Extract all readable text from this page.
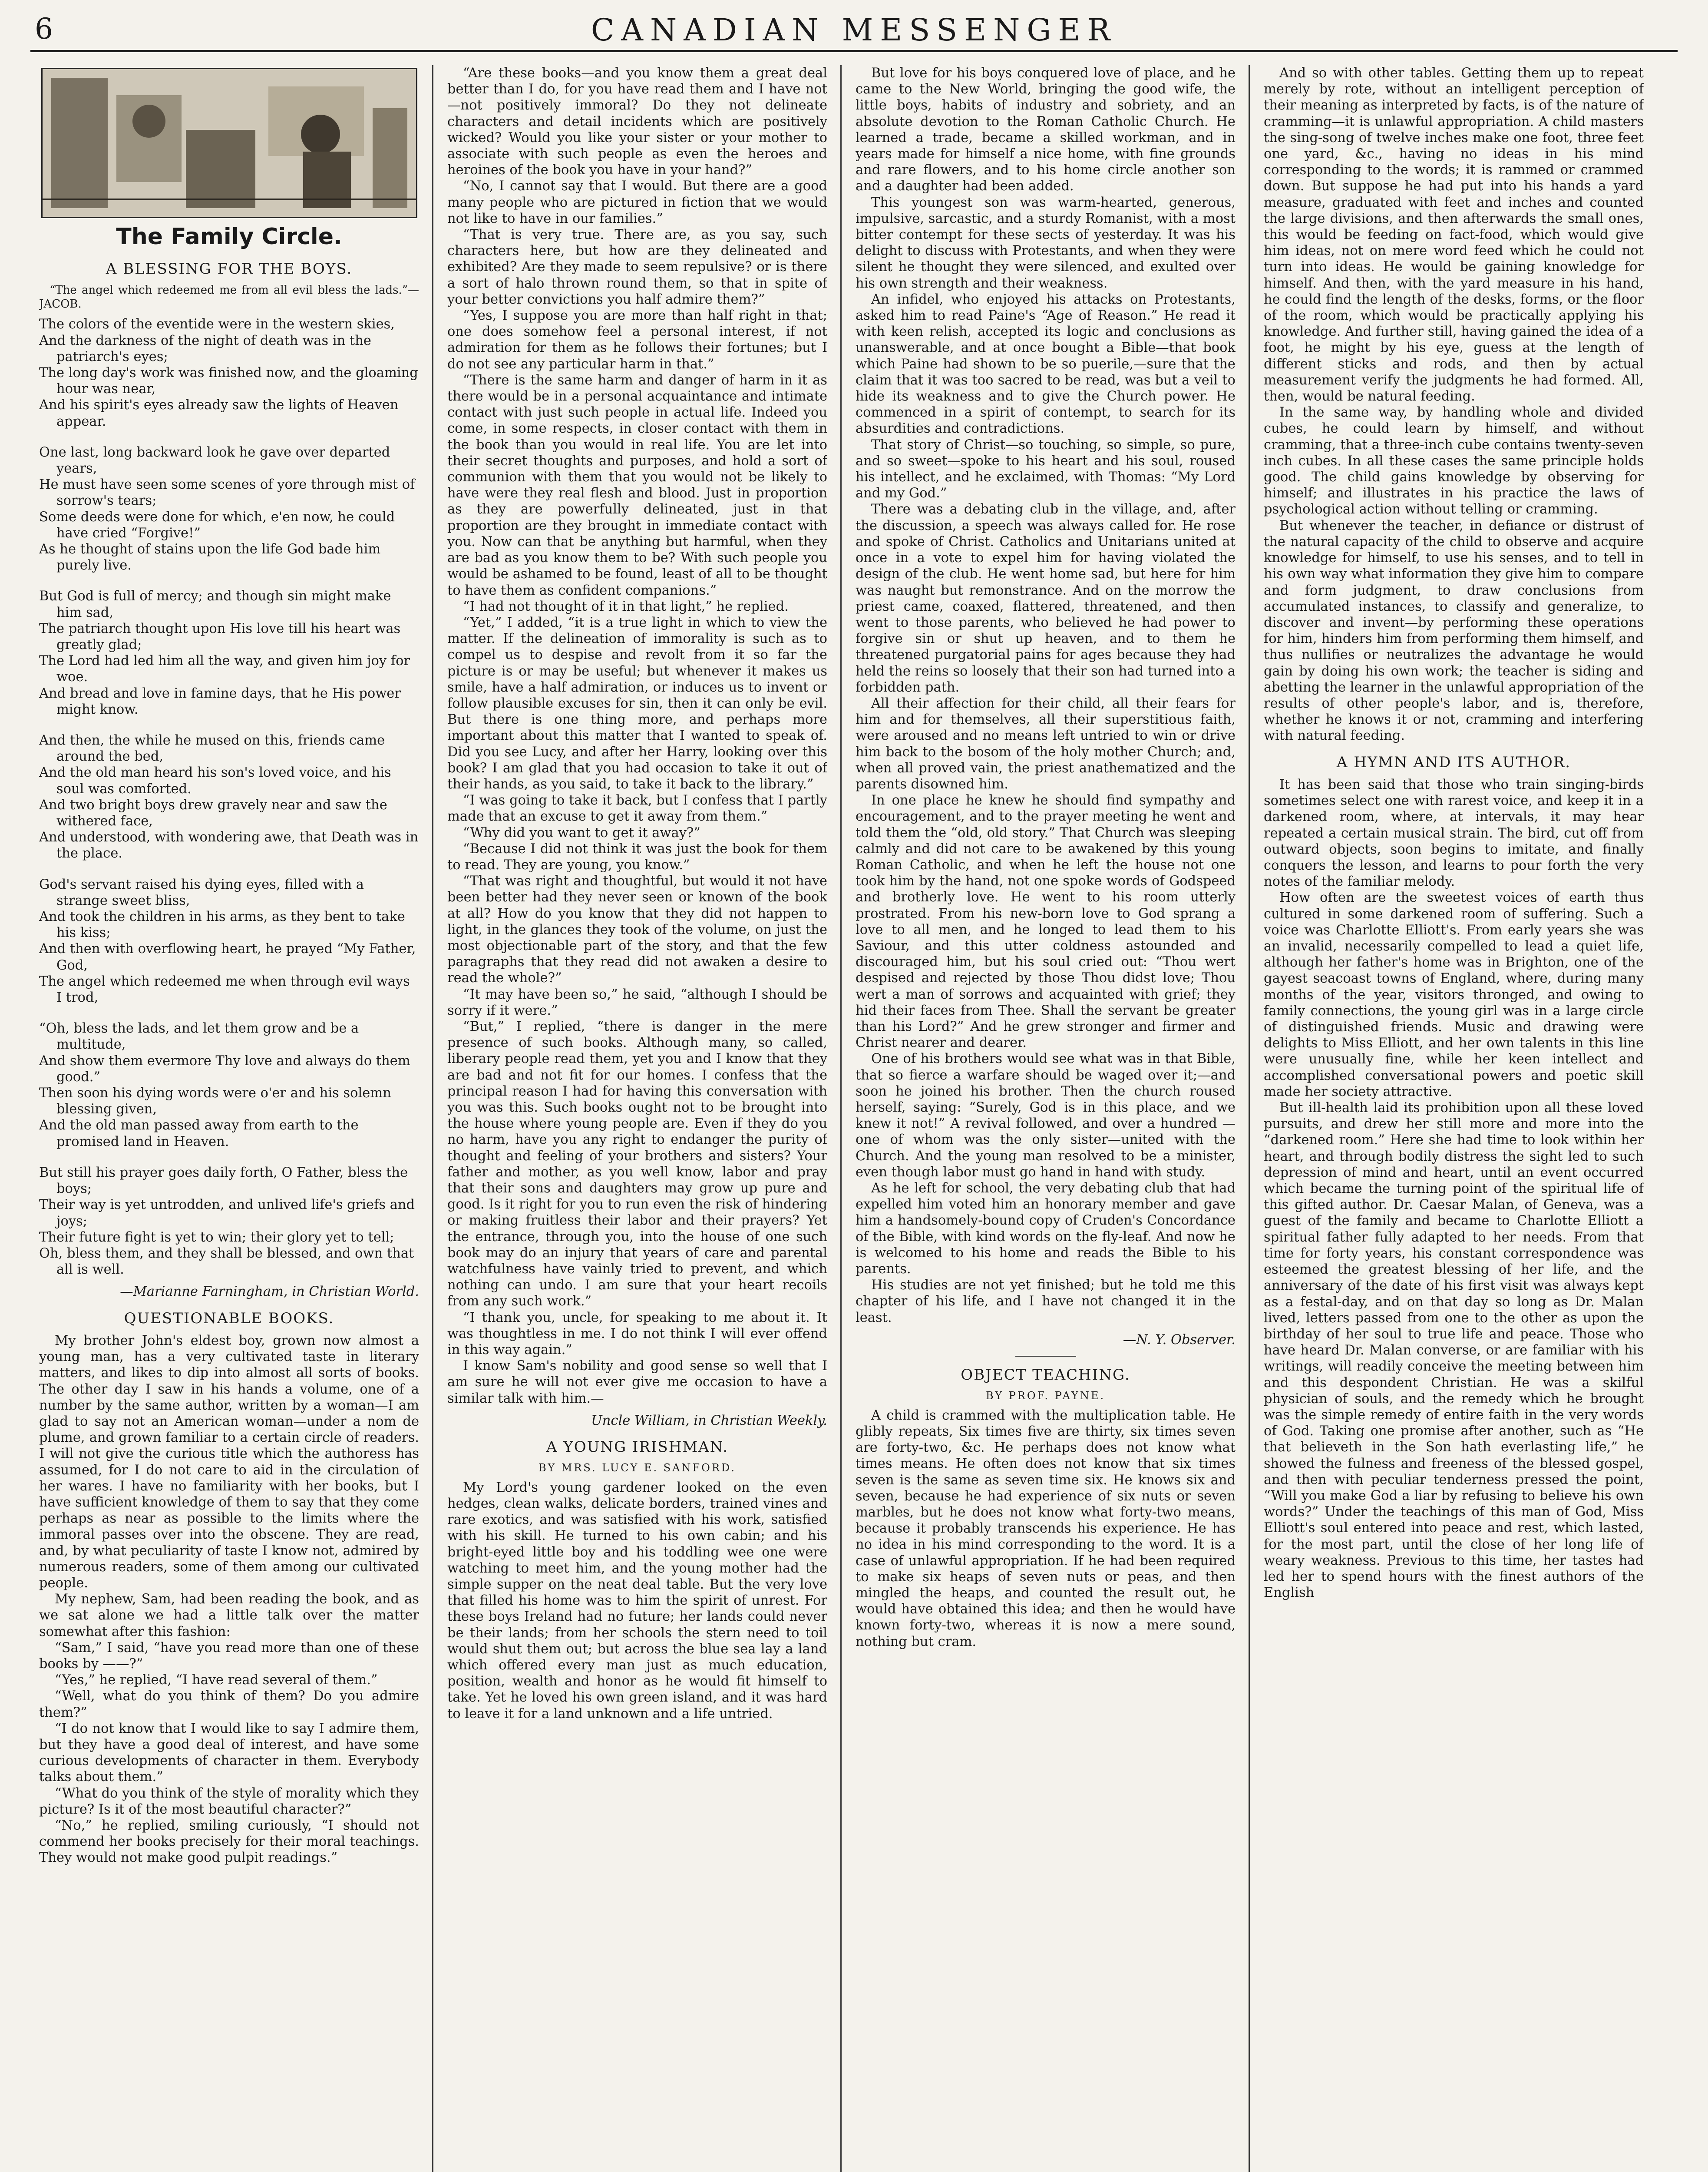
6	CANADIAN MESSENGER
The Family Circle.
A BLESSING FOR THE BOYS.
“The angel which redeemed me from all evil bless the lads.”—JACOB.
The colors of the eventide were in the western skies,
And the darkness of the night of death was in the patriarch's eyes;
The long day's work was finished now, and the gloaming hour was near,
And his spirit's eyes already saw the lights of Heaven appear.
One last, long backward look he gave over departed years,
He must have seen some scenes of yore through mist of sorrow's tears;
Some deeds were done for which, e'en now, he could have cried “Forgive!”
As he thought of stains upon the life God bade him purely live.
But God is full of mercy; and though sin might make him sad,
The patriarch thought upon His love till his heart was greatly glad;
The Lord had led him all the way, and given him joy for woe.
And bread and love in famine days, that he His power might know.
And then, the while he mused on this, friends came around the bed,
And the old man heard his son's loved voice, and his soul was comforted.
And two bright boys drew gravely near and saw the withered face,
And understood, with wondering awe, that Death was in the place.
God's servant raised his dying eyes, filled with a strange sweet bliss,
And took the children in his arms, as they bent to take his kiss;
And then with overflowing heart, he prayed “My Father, God,
The angel which redeemed me when through evil ways I trod,
“Oh, bless the lads, and let them grow and be a multitude,
And show them evermore Thy love and always do them good.”
Then soon his dying words were o'er and his solemn blessing given,
And the old man passed away from earth to the promised land in Heaven.
But still his prayer goes daily forth, O Father, bless the boys;
Their way is yet untrodden, and unlived life's griefs and joys;
Their future fight is yet to win; their glory yet to tell;
Oh, bless them, and they shall be blessed, and own that all is well.
—Marianne Farningham, in Christian World.
QUESTIONABLE BOOKS.

My brother John's eldest boy, grown now almost a young man, has a very cultivated taste in literary matters, and likes to dip into almost all sorts of books. The other day I saw in his hands a volume, one of a number by the same author, written by a woman—I am glad to say not an American woman—under a nom de plume, and grown familiar to a certain circle of readers. I will not give the curious title which the authoress has assumed, for I do not care to aid in the circulation of her wares. I have no familiarity with her books, but I have sufficient knowledge of them to say that they come perhaps as near as possible to the limits where the immoral passes over into the obscene. They are read, and, by what peculiarity of taste I know not, admired by numerous readers, some of them among our cultivated people.

My nephew, Sam, had been reading the book, and as we sat alone we had a little talk over the matter somewhat after this fashion:

“Sam,” I said, “have you read more than one of these books by ——?”

“Yes,” he replied, “I have read several of them.”

“Well, what do you think of them? Do you admire them?”

“I do not know that I would like to say I admire them, but they have a good deal of interest, and have some curious developments of character in them. Everybody talks about them.”

“What do you think of the style of morality which they picture? Is it of the most beautiful character?”

“No,” he replied, smiling curiously, “I should not commend her books precisely for their moral teachings. They would not make good pulpit readings.”

“Are these books—and you know them a great deal better than I do, for you have read them and I have not—not positively immoral? Do they not delineate characters and detail incidents which are positively wicked? Would you like your sister or your mother to associate with such people as even the heroes and heroines of the book you have in your hand?”

“No, I cannot say that I would. But there are a good many people who are pictured in fiction that we would not like to have in our families.”

“That is very true. There are, as you say, such characters here, but how are they delineated and exhibited? Are they made to seem repulsive? or is there a sort of halo thrown round them, so that in spite of your better convictions you half admire them?”

“Yes, I suppose you are more than half right in that; one does somehow feel a personal interest, if not admiration for them as he follows their fortunes; but I do not see any particular harm in that.”

“There is the same harm and danger of harm in it as there would be in a personal acquaintance and intimate contact with just such people in actual life. Indeed you come, in some respects, in closer contact with them in the book than you would in real life. You are let into their secret thoughts and purposes, and hold a sort of communion with them that you would not be likely to have were they real flesh and blood. Just in proportion as they are powerfully delineated, just in that proportion are they brought in immediate contact with you. Now can that be anything but harmful, when they are bad as you know them to be? With such people you would be ashamed to be found, least of all to be thought to have them as confident companions.”

“I had not thought of it in that light,” he replied.

“Yet,” I added, “it is a true light in which to view the matter. If the delineation of immorality is such as to compel us to despise and revolt from it so far the picture is or may be useful; but whenever it makes us smile, have a half admiration, or induces us to invent or follow plausible excuses for sin, then it can only be evil. But there is one thing more, and perhaps more important about this matter that I wanted to speak of. Did you see Lucy, and after her Harry, looking over this book? I am glad that you had occasion to take it out of their hands, as you said, to take it back to the library.”

“I was going to take it back, but I confess that I partly made that an excuse to get it away from them.”

“Why did you want to get it away?”

“Because I did not think it was just the book for them to read. They are young, you know.”

“That was right and thoughtful, but would it not have been better had they never seen or known of the book at all? How do you know that they did not happen to light, in the glances they took of the volume, on just the most objectionable part of the story, and that the few paragraphs that they read did not awaken a desire to read the whole?”

“It may have been so,” he said, “although I should be sorry if it were.”

“But,” I replied, “there is danger in the mere presence of such books. Although many, so called, liberary people read them, yet you and I know that they are bad and not fit for our homes. I confess that the principal reason I had for having this conversation with you was this. Such books ought not to be brought into the house where young people are. Even if they do you no harm, have you any right to endanger the purity of thought and feeling of your brothers and sisters? Your father and mother, as you well know, labor and pray that their sons and daughters may grow up pure and good. Is it right for you to run even the risk of hindering or making fruitless their labor and their prayers? Yet the entrance, through you, into the house of one such book may do an injury that years of care and parental watchfulness have vainly tried to prevent, and which nothing can undo. I am sure that your heart recoils from any such work.”

“I thank you, uncle, for speaking to me about it. It was thoughtless in me. I do not think I will ever offend in this way again.”

I know Sam's nobility and good sense so well that I am sure he will not ever give me occasion to have a similar talk with him.—

Uncle William, in Christian Weekly.
A YOUNG IRISHMAN.
BY MRS. LUCY E. SANFORD.

My Lord's young gardener looked on the even hedges, clean walks, delicate borders, trained vines and rare exotics, and was satisfied with his work, satisfied with his skill. He turned to his own cabin; and his bright-eyed little boy and his toddling wee one were watching to meet him, and the young mother had the simple supper on the neat deal table. But the very love that filled his home was to him the spirit of unrest. For these boys Ireland had no future; her lands could never be their lands; from her schools the stern need to toil would shut them out; but across the blue sea lay a land which offered every man just as much education, position, wealth and honor as he would fit himself to take. Yet he loved his own green island, and it was hard to leave it for a land unknown and a life untried.

But love for his boys conquered love of place, and he came to the New World, bringing the good wife, the little boys, habits of industry and sobriety, and an absolute devotion to the Roman Catholic Church. He learned a trade, became a skilled workman, and in years made for himself a nice home, with fine grounds and rare flowers, and to his home circle another son and a daughter had been added.

This youngest son was warm-hearted, generous, impulsive, sarcastic, and a sturdy Romanist, with a most bitter contempt for these sects of yesterday. It was his delight to discuss with Protestants, and when they were silent he thought they were silenced, and exulted over his own strength and their weakness.

An infidel, who enjoyed his attacks on Protestants, asked him to read Paine's “Age of Reason.” He read it with keen relish, accepted its logic and conclusions as unanswerable, and at once bought a Bible—that book which Paine had shown to be so puerile,—sure that the claim that it was too sacred to be read, was but a veil to hide its weakness and to give the Church power. He commenced in a spirit of contempt, to search for its absurdities and contradictions.

That story of Christ—so touching, so simple, so pure, and so sweet—spoke to his heart and his soul, roused his intellect, and he exclaimed, with Thomas: “My Lord and my God.”

There was a debating club in the village, and, after the discussion, a speech was always called for. He rose and spoke of Christ. Catholics and Unitarians united at once in a vote to expel him for having violated the design of the club. He went home sad, but here for him was naught but remonstrance. And on the morrow the priest came, coaxed, flattered, threatened, and then went to those parents, who believed he had power to forgive sin or shut up heaven, and to them he threatened purgatorial pains for ages because they had held the reins so loosely that their son had turned into a forbidden path.

All their affection for their child, all their fears for him and for themselves, all their superstitious faith, were aroused and no means left untried to win or drive him back to the bosom of the holy mother Church; and, when all proved vain, the priest anathematized and the parents disowned him.

In one place he knew he should find sympathy and encouragement, and to the prayer meeting he went and told them the “old, old story.” That Church was sleeping calmly and did not care to be awakened by this young Roman Catholic, and when he left the house not one took him by the hand, not one spoke words of Godspeed and brotherly love. He went to his room utterly prostrated. From his new-born love to God sprang a love to all men, and he longed to lead them to his Saviour, and this utter coldness astounded and discouraged him, but his soul cried out: “Thou wert despised and rejected by those Thou didst love; Thou wert a man of sorrows and acquainted with grief; they hid their faces from Thee. Shall the servant be greater than his Lord?” And he grew stronger and firmer and Christ nearer and dearer.

One of his brothers would see what was in that Bible, that so fierce a warfare should be waged over it;—and soon he joined his brother. Then the church roused herself, saying: “Surely, God is in this place, and we knew it not!” A revival followed, and over a hundred —one of whom was the only sister—united with the Church. And the young man resolved to be a minister, even though labor must go hand in hand with study.

As he left for school, the very debating club that had expelled him voted him an honorary member and gave him a handsomely-bound copy of Cruden's Concordance of the Bible, with kind words on the fly-leaf. And now he is welcomed to his home and reads the Bible to his parents.

His studies are not yet finished; but he told me this chapter of his life, and I have not changed it in the least.

—N. Y. Observer.
OBJECT TEACHING.
BY PROF. PAYNE.

A child is crammed with the multiplication table. He glibly repeats, Six times five are thirty, six times seven are forty-two, &c. He perhaps does not know what times means. He often does not know that six times seven is the same as seven time six. He knows six and seven, because he had experience of six nuts or seven marbles, but he does not know what forty-two means, because it probably transcends his experience. He has no idea in his mind corresponding to the word. It is a case of unlawful appropriation. If he had been required to make six heaps of seven nuts or peas, and then mingled the heaps, and counted the result out, he would have obtained this idea; and then he would have known forty-two, whereas it is now a mere sound, nothing but cram.

And so with other tables. Getting them up to repeat merely by rote, without an intelligent perception of their meaning as interpreted by facts, is of the nature of cramming—it is unlawful appropriation. A child masters the sing-song of twelve inches make one foot, three feet one yard, &c., having no ideas in his mind corresponding to the words; it is rammed or crammed down. But suppose he had put into his hands a yard measure, graduated with feet and inches and counted the large divisions, and then afterwards the small ones, this would be feeding on fact-food, which would give him ideas, not on mere word feed which he could not turn into ideas. He would be gaining knowledge for himself. And then, with the yard measure in his hand, he could find the length of the desks, forms, or the floor of the room, which would be practically applying his knowledge. And further still, having gained the idea of a foot, he might by his eye, guess at the length of different sticks and rods, and then by actual measurement verify the judgments he had formed. All, then, would be natural feeding.

In the same way, by handling whole and divided cubes, he could learn by himself, and without cramming, that a three-inch cube contains twenty-seven inch cubes. In all these cases the same principle holds good. The child gains knowledge by observing for himself; and illustrates in his practice the laws of psychological action without telling or cramming.

But whenever the teacher, in defiance or distrust of the natural capacity of the child to observe and acquire knowledge for himself, to use his senses, and to tell in his own way what information they give him to compare and form judgment, to draw conclusions from accumulated instances, to classify and generalize, to discover and invent—by performing these operations for him, hinders him from performing them himself, and thus nullifies or neutralizes the advantage he would gain by doing his own work; the teacher is siding and abetting the learner in the unlawful appropriation of the results of other people's labor, and is, therefore, whether he knows it or not, cramming and interfering with natural feeding.

A HYMN AND ITS AUTHOR.

It has been said that those who train singing-birds sometimes select one with rarest voice, and keep it in a darkened room, where, at intervals, it may hear repeated a certain musical strain. The bird, cut off from outward objects, soon begins to imitate, and finally conquers the lesson, and learns to pour forth the very notes of the familiar melody.

How often are the sweetest voices of earth thus cultured in some darkened room of suffering. Such a voice was Charlotte Elliott's. From early years she was an invalid, necessarily compelled to lead a quiet life, although her father's home was in Brighton, one of the gayest seacoast towns of England, where, during many months of the year, visitors thronged, and owing to family connections, the young girl was in a large circle of distinguished friends. Music and drawing were delights to Miss Elliott, and her own talents in this line were unusually fine, while her keen intellect and accomplished conversational powers and poetic skill made her society attractive.

But ill-health laid its prohibition upon all these loved pursuits, and drew her still more and more into the “darkened room.” Here she had time to look within her heart, and through bodily distress the sight led to such depression of mind and heart, until an event occurred which became the turning point of the spiritual life of this gifted author. Dr. Caesar Malan, of Geneva, was a guest of the family and became to Charlotte Elliott a spiritual father fully adapted to her needs. From that time for forty years, his constant correspondence was esteemed the greatest blessing of her life, and the anniversary of the date of his first visit was always kept as a festal-day, and on that day so long as Dr. Malan lived, letters passed from one to the other as upon the birthday of her soul to true life and peace. Those who have heard Dr. Malan converse, or are familiar with his writings, will readily conceive the meeting between him and this despondent Christian. He was a skilful physician of souls, and the remedy which he brought was the simple remedy of entire faith in the very words of God. Taking one promise after another, such as “He that believeth in the Son hath everlasting life,” he showed the fulness and freeness of the blessed gospel, and then with peculiar tenderness pressed the point, “Will you make God a liar by refusing to believe his own words?” Under the teachings of this man of God, Miss Elliott's soul entered into peace and rest, which lasted, for the most part, until the close of her long life of weary weakness. Previous to this time, her tastes had led her to spend hours with the finest authors of the English
